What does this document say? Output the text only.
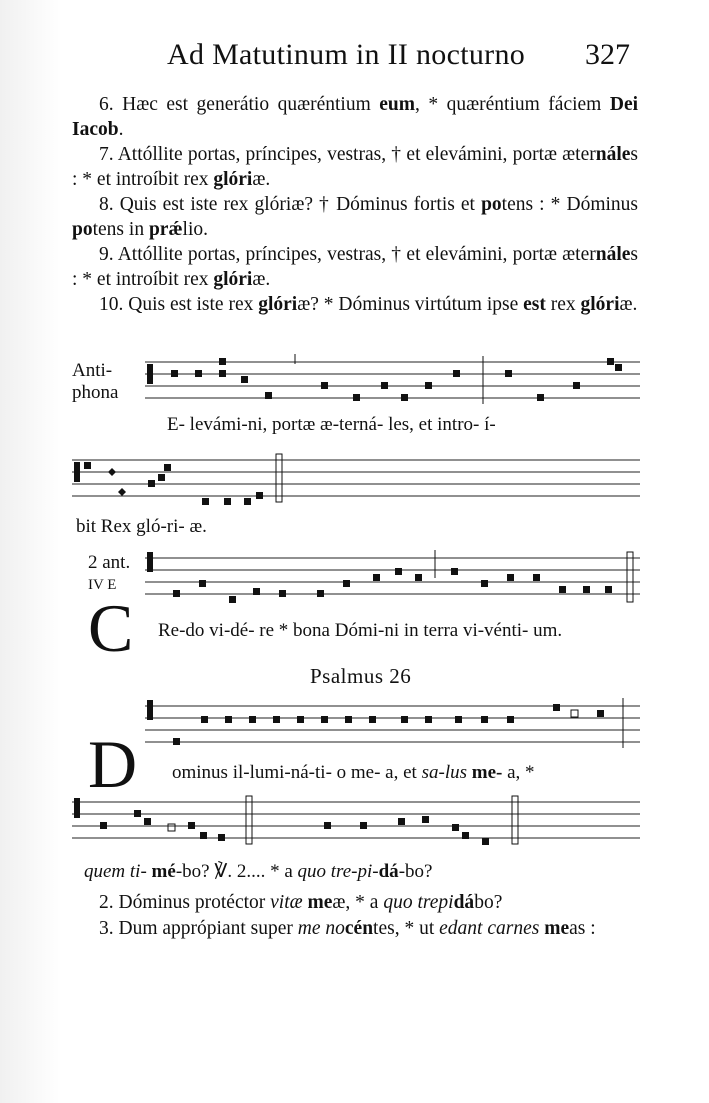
Ad Matutinum in II nocturno 327

6. Hæc est generátio quæréntium eum, * quæréntium fáciem Dei Iacob.

7. Attóllite portas, príncipes, vestras, † et elevámini, portæ æternáles : * et introíbit rex glóriæ.

8. Quis est iste rex glóriæ? † Dóminus fortis et potens : * Dóminus potens in prǽlio.

9. Attóllite portas, príncipes, vestras, † et elevámini, portæ æternáles : * et introíbit rex glóriæ.

10. Quis est iste rex glóriæ? * Dóminus virtútum ipse est rex glóriæ.

Anti-
phona
E- levámi-ni, portæ æ-terná- les, et intro- í-
bit Rex gló-ri- æ.
2 ant.
IV E
C Re-do vi-dé- re * bona Dómi-ni in terra vi-vénti- um.
Psalmus 26
D ominus il-lumi-ná-ti- o me- a, et sa-lus me- a, *
quem ti- mé-bo? ℣. 2.... * a quo tre-pi-dá-bo?

2. Dóminus protéctor vitæ meæ, * a quo trepidábo?

3. Dum apprópiant super me nocéntes, * ut edant carnes meas :
